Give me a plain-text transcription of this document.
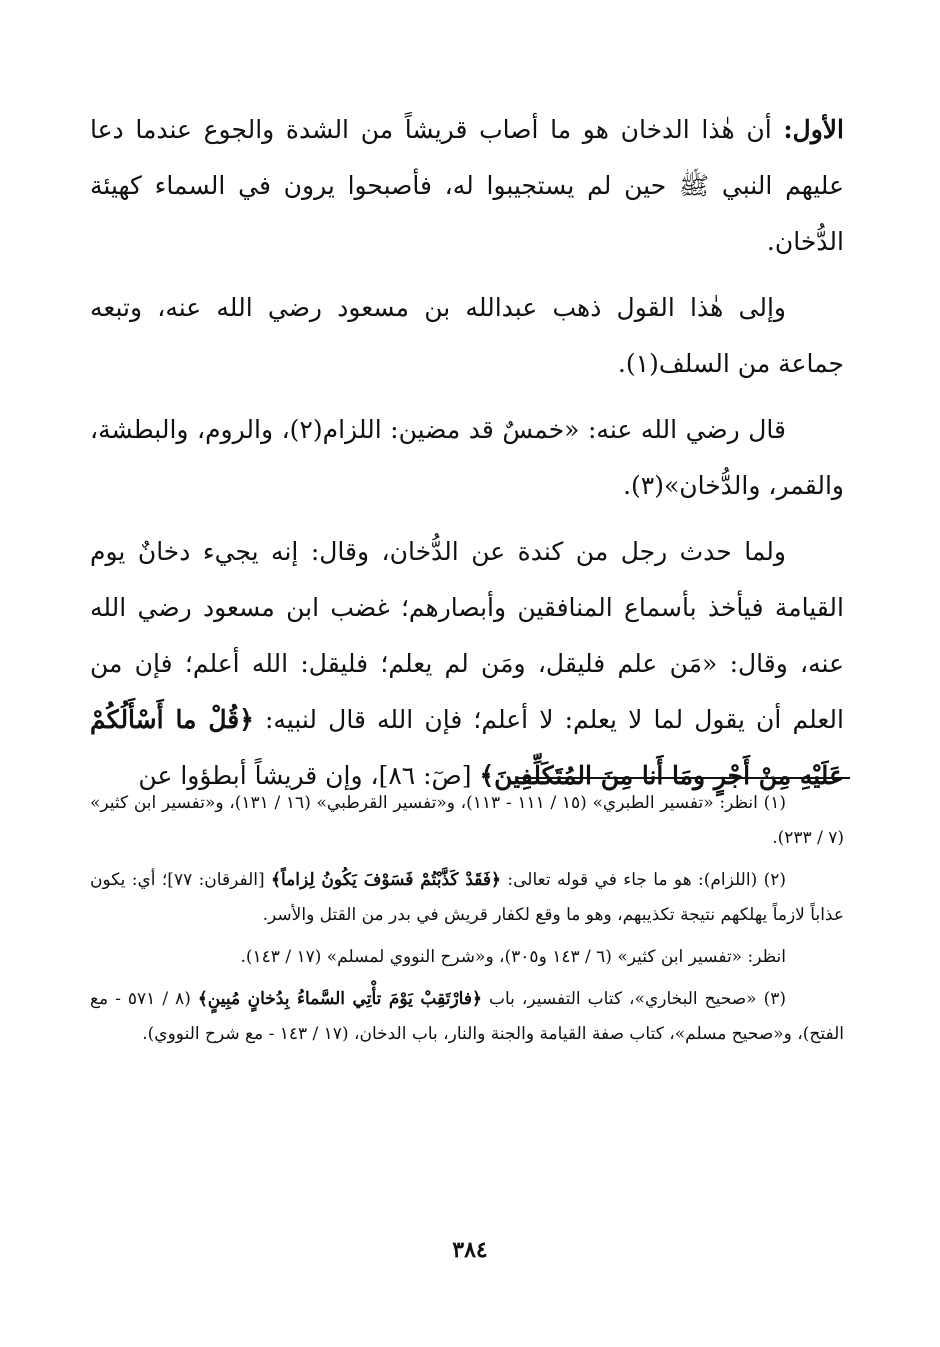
الأول: أن هٰذا الدخان هو ما أصاب قريشاً من الشدة والجوع عندما دعا عليهم النبي ﷺ حين لم يستجيبوا له، فأصبحوا يرون في السماء كهيئة الدُّخان.

وإلى هٰذا القول ذهب عبدالله بن مسعود رضي الله عنه، وتبعه جماعة من السلف(١).

قال رضي الله عنه: «خمسٌ قد مضين: اللزام(٢)، والروم، والبطشة، والقمر، والدُّخان»(٣).

ولما حدث رجل من كندة عن الدُّخان، وقال: إنه يجيء دخانٌ يوم القيامة فيأخذ بأسماع المنافقين وأبصارهم؛ غضب ابن مسعود رضي الله عنه، وقال: «مَن علم فليقل، ومَن لم يعلم؛ فليقل: الله أعلم؛ فإن من العلم أن يقول لما لا يعلم: لا أعلم؛ فإن الله قال لنبيه: ﴿قُلْ ما أَسْأَلُكُمْ عَلَيْهِ مِنْ أَجْرٍ ومَا أَنا مِنَ المُتَكَلِّفِينَ﴾ [صٓ: ٨٦]، وإن قريشاً أبطؤوا عن

(١) انظر: «تفسير الطبري» (١٥ / ١١١ - ١١٣)، و«تفسير القرطبي» (١٦ / ١٣١)، و«تفسير ابن كثير» (٧ / ٢٣٣).

(٢) (اللزام): هو ما جاء في قوله تعالى: ﴿فَقَدْ كَذَّبْتُمْ فَسَوْفَ يَكُونُ لِزاماً﴾ [الفرقان: ٧٧]؛ أي: يكون عذاباً لازماً يهلكهم نتيجة تكذيبهم، وهو ما وقع لكفار قريش في بدر من القتل والأسر.

انظر: «تفسير ابن كثير» (٦ / ١٤٣ و٣٠٥)، و«شرح النووي لمسلم» (١٧ / ١٤٣).

(٣) «صحيح البخاري»، كتاب التفسير، باب ﴿فارْتَقِبْ يَوْمَ تأْتِي السَّماءُ بِدُخانٍ مُبِينٍ﴾ (٨ / ٥٧١ - مع الفتح)، و«صحيح مسلم»، كتاب صفة القيامة والجنة والنار، باب الدخان، (١٧ / ١٤٣ - مع شرح النووي).

٣٨٤
